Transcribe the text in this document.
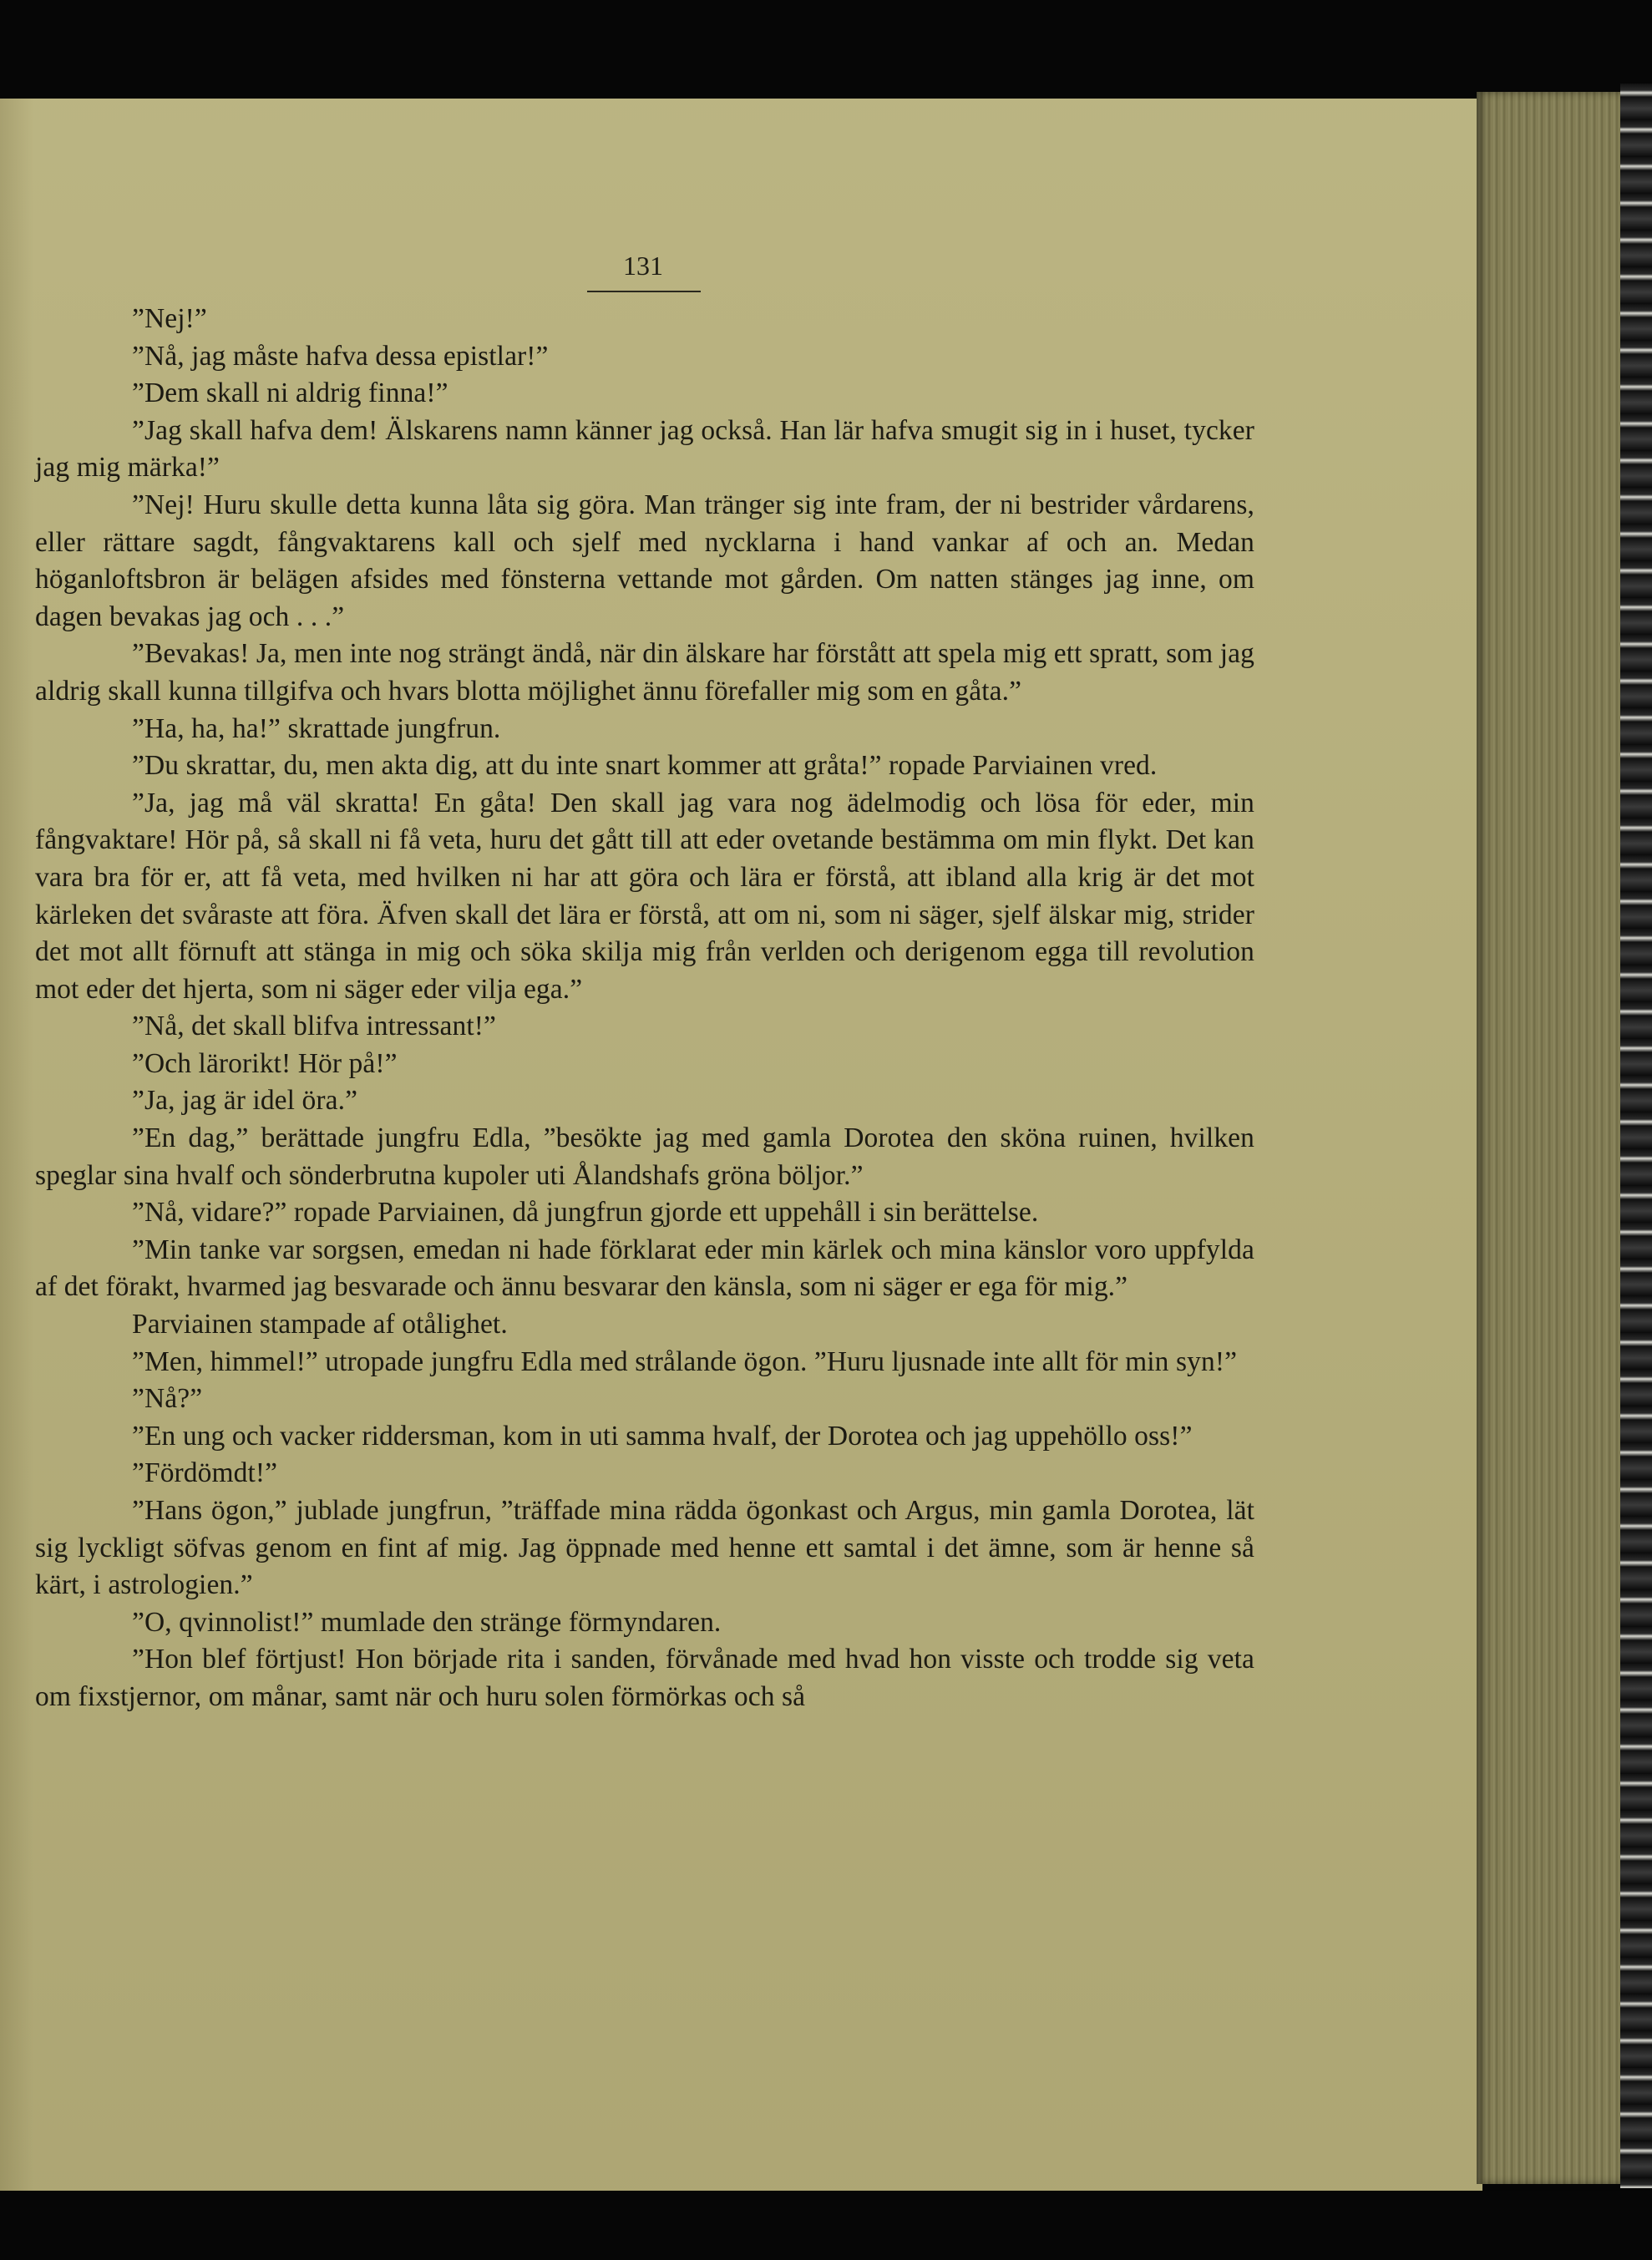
131

”Nej!”

”Nå, jag måste hafva dessa epistlar!”

”Dem skall ni aldrig finna!”

”Jag skall hafva dem! Älskarens namn känner jag också. Han lär hafva smugit sig in i huset, tycker jag mig märka!”

”Nej! Huru skulle detta kunna låta sig göra. Man tränger sig inte fram, der ni bestrider vårdarens, eller rättare sagdt, fångvaktarens kall och sjelf med nycklarna i hand vankar af och an. Medan höganloftsbron är belägen afsides med fönsterna vettande mot gården. Om natten stänges jag inne, om dagen bevakas jag och . . .”

”Bevakas! Ja, men inte nog strängt ändå, när din älskare har förstått att spela mig ett spratt, som jag aldrig skall kunna tillgifva och hvars blotta möjlighet ännu förefaller mig som en gåta.”

”Ha, ha, ha!” skrattade jungfrun.

”Du skrattar, du, men akta dig, att du inte snart kommer att gråta!” ropade Parviainen vred.

”Ja, jag må väl skratta! En gåta! Den skall jag vara nog ädelmodig och lösa för eder, min fångvaktare! Hör på, så skall ni få veta, huru det gått till att eder ovetande bestämma om min flykt. Det kan vara bra för er, att få veta, med hvilken ni har att göra och lära er förstå, att ibland alla krig är det mot kärleken det svåraste att föra. Äfven skall det lära er förstå, att om ni, som ni säger, sjelf älskar mig, strider det mot allt förnuft att stänga in mig och söka skilja mig från verlden och derigenom egga till revolution mot eder det hjerta, som ni säger eder vilja ega.”

”Nå, det skall blifva intressant!”

”Och lärorikt! Hör på!”

”Ja, jag är idel öra.”

”En dag,” berättade jungfru Edla, ”besökte jag med gamla Dorotea den sköna ruinen, hvilken speglar sina hvalf och sönderbrutna kupoler uti Ålandshafs gröna böljor.”

”Nå, vidare?” ropade Parviainen, då jungfrun gjorde ett uppehåll i sin berättelse.

”Min tanke var sorgsen, emedan ni hade förklarat eder min kärlek och mina känslor voro uppfylda af det förakt, hvarmed jag besvarade och ännu besvarar den känsla, som ni säger er ega för mig.”

Parviainen stampade af otålighet.

”Men, himmel!” utropade jungfru Edla med strålande ögon. ”Huru ljusnade inte allt för min syn!”

”Nå?”

”En ung och vacker riddersman, kom in uti samma hvalf, der Dorotea och jag uppehöllo oss!”

”Fördömdt!”

”Hans ögon,” jublade jungfrun, ”träffade mina rädda ögonkast och Argus, min gamla Dorotea, lät sig lyckligt söfvas genom en fint af mig. Jag öppnade med henne ett samtal i det ämne, som är henne så kärt, i astrologien.”

”O, qvinnolist!” mumlade den stränge förmyndaren.

”Hon blef förtjust! Hon började rita i sanden, förvånade med hvad hon visste och trodde sig veta om fixstjernor, om månar, samt när och huru solen förmörkas och så
